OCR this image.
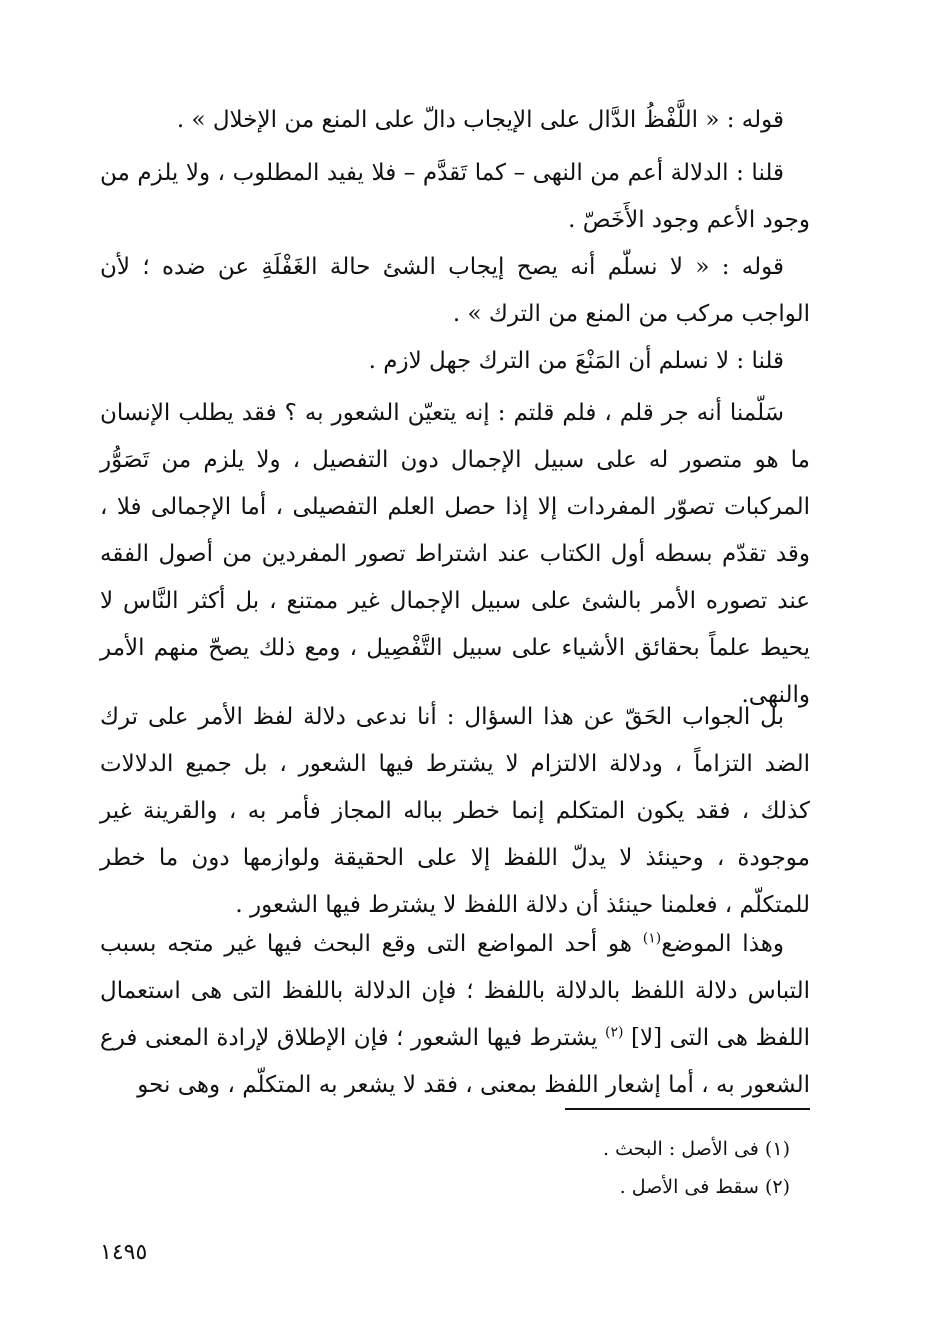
قوله : « اللَّفْظُ الدَّال على الإيجاب دالّ على المنع من الإخلال » .

قلنا : الدلالة أعم من النهى – كما تَقدَّم – فلا يفيد المطلوب ، ولا يلزم من وجود الأعم وجود الأَخَصّ .

قوله : « لا نسلّم أنه يصح إيجاب الشئ حالة الغَفْلَةِ عن ضده ؛ لأن الواجب مركب من المنع من الترك » .

قلنا : لا نسلم أن المَنْعَ من الترك جهل لازم .

سَلّمنا أنه جر قلم ، فلم قلتم : إنه يتعيّن الشعور به ؟ فقد يطلب الإنسان ما هو متصور له على سبيل الإجمال دون التفصيل ، ولا يلزم من تَصَوُّر المركبات تصوّر المفردات إلا إذا حصل العلم التفصيلى ، أما الإجمالى فلا ، وقد تقدّم بسطه أول الكتاب عند اشتراط تصور المفردين من أصول الفقه عند تصوره الأمر بالشئ على سبيل الإجمال غير ممتنع ، بل أكثر النَّاس لا يحيط علماً بحقائق الأشياء على سبيل التَّفْصِيل ، ومع ذلك يصحّ منهم الأمر والنهى.

بل الجواب الحَقّ عن هذا السؤال : أنا ندعى دلالة لفظ الأمر على ترك الضد التزاماً ، ودلالة الالتزام لا يشترط فيها الشعور ، بل جميع الدلالات كذلك ، فقد يكون المتكلم إنما خطر بباله المجاز فأمر به ، والقرينة غير موجودة ، وحينئذ لا يدلّ اللفظ إلا على الحقيقة ولوازمها دون ما خطر للمتكلّم ، فعلمنا حينئذ أن دلالة اللفظ لا يشترط فيها الشعور .

وهذا الموضع$^{(١)}$ هو أحد المواضع التى وقع البحث فيها غير متجه بسبب التباس دلالة اللفظ بالدلالة باللفظ ؛ فإن الدلالة باللفظ التى هى استعمال اللفظ هى التى [لا] $^{(٢)}$ يشترط فيها الشعور ؛ فإن الإطلاق لإرادة المعنى فرع الشعور به ، أما إشعار اللفظ بمعنى ، فقد لا يشعر به المتكلّم ، وهى نحو

(١) فى الأصل : البحث .

(٢) سقط فى الأصل .

١٤٩٥
